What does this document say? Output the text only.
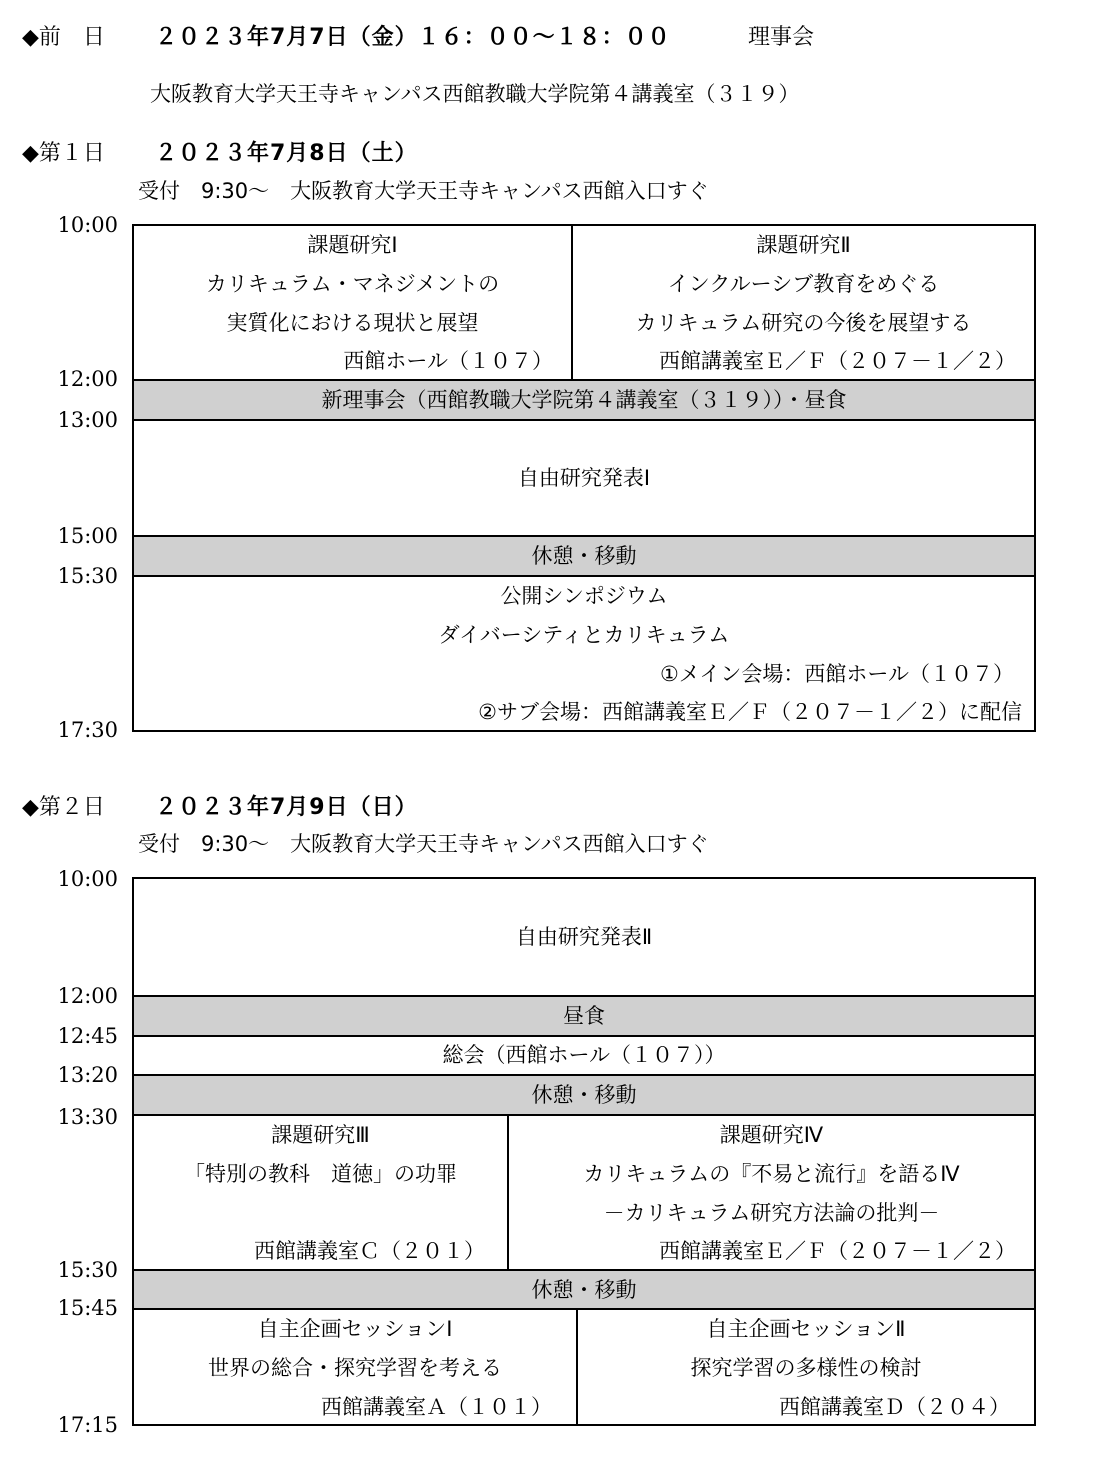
◆前　日 ２０２３年7月7日（金）１６：００～１８：００	理事会
大阪教育大学天王寺キャンパス西館教職大学院第４講義室（３１９）
◆第１日 ２０２３年7月8日（土）
受付　9:30～　大阪教育大学天王寺キャンパス西館入口すぐ
10:00
12:00
13:00
15:00
15:30
17:30
課題研究Ⅰ
カリキュラム・マネジメントの
実質化における現状と展望
西館ホール（１０７）
課題研究Ⅱ
インクルーシブ教育をめぐる
カリキュラム研究の今後を展望する
西館講義室Ｅ／Ｆ（２０７－１／２）
新理事会（西館教職大学院第４講義室（３１９））・昼食
自由研究発表Ⅰ
休憩・移動
公開シンポジウム
ダイバーシティとカリキュラム
①メイン会場：西館ホール（１０７）
②サブ会場：西館講義室Ｅ／Ｆ（２０７－１／２）に配信
◆第２日 ２０２３年7月9日（日）
受付　9:30～　大阪教育大学天王寺キャンパス西館入口すぐ
10:00
12:00
12:45
13:20
13:30
15:30
15:45
17:15
自由研究発表Ⅱ
昼食
総会（西館ホール（１０７））
休憩・移動
課題研究Ⅲ
「特別の教科　道徳」の功罪
西館講義室Ｃ（２０１）
課題研究Ⅳ
カリキュラムの『不易と流行』を語るⅣ
－カリキュラム研究方法論の批判－
西館講義室Ｅ／Ｆ（２０７－１／２）
休憩・移動
自主企画セッションⅠ
世界の総合・探究学習を考える
西館講義室Ａ（１０１）
自主企画セッションⅡ
探究学習の多様性の検討
西館講義室Ｄ（２０４）
